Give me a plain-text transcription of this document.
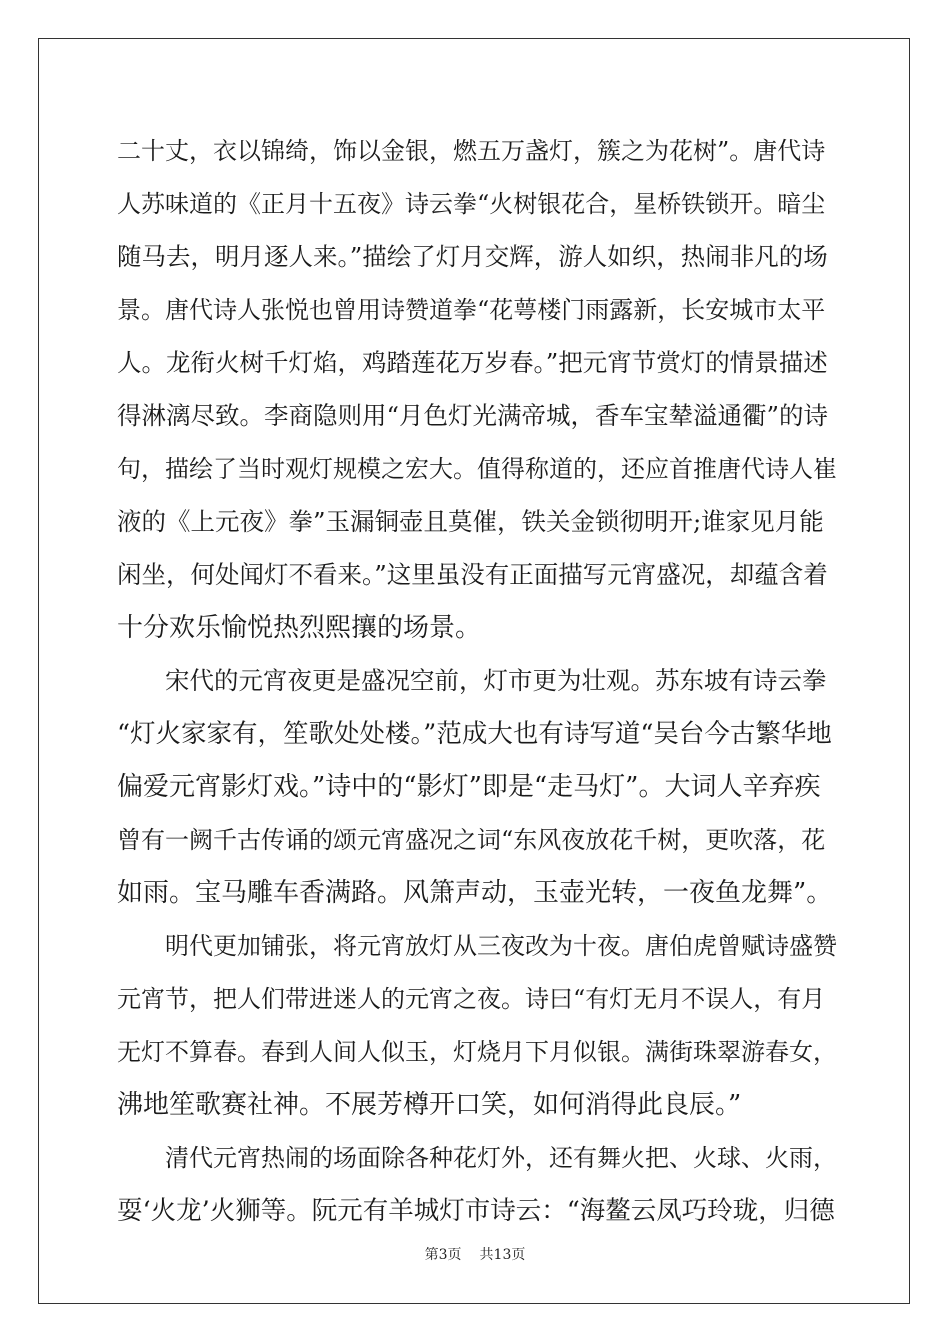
二十丈，衣以锦绮，饰以金银，燃五万盏灯，簇之为花树”。唐代诗
人苏味道的《正月十五夜》诗云拳“火树银花合，星桥铁锁开。暗尘
随马去，明月逐人来。”描绘了灯月交辉，游人如织，热闹非凡的场
景。唐代诗人张悦也曾用诗赞道拳“花萼楼门雨露新，长安城市太平
人。龙衔火树千灯焰，鸡踏莲花万岁春。”把元宵节赏灯的情景描述
得淋漓尽致。李商隐则用“月色灯光满帝城，香车宝辇溢通衢”的诗
句，描绘了当时观灯规模之宏大。值得称道的，还应首推唐代诗人崔
液的《上元夜》拳”玉漏铜壶且莫催，铁关金锁彻明开;谁家见月能
闲坐，何处闻灯不看来。”这里虽没有正面描写元宵盛况，却蕴含着
十分欢乐愉悦热烈熙攘的场景。
宋代的元宵夜更是盛况空前，灯市更为壮观。苏东坡有诗云拳
“灯火家家有，笙歌处处楼。”范成大也有诗写道“吴台今古繁华地
偏爱元宵影灯戏。”诗中的“影灯”即是“走马灯”。大词人辛弃疾
曾有一阙千古传诵的颂元宵盛况之词“东风夜放花千树，更吹落，花
如雨。宝马雕车香满路。风箫声动，玉壶光转，一夜鱼龙舞”。
明代更加铺张，将元宵放灯从三夜改为十夜。唐伯虎曾赋诗盛赞
元宵节，把人们带进迷人的元宵之夜。诗曰“有灯无月不误人，有月
无灯不算春。春到人间人似玉，灯烧月下月似银。满街珠翠游春女，
沸地笙歌赛社神。不展芳樽开口笑，如何消得此良辰。”
清代元宵热闹的场面除各种花灯外，还有舞火把、火球、火雨，
耍‘火龙’火狮等。阮元有羊城灯市诗云：“海鳌云凤巧玲珑，归德
第3页 共13页
